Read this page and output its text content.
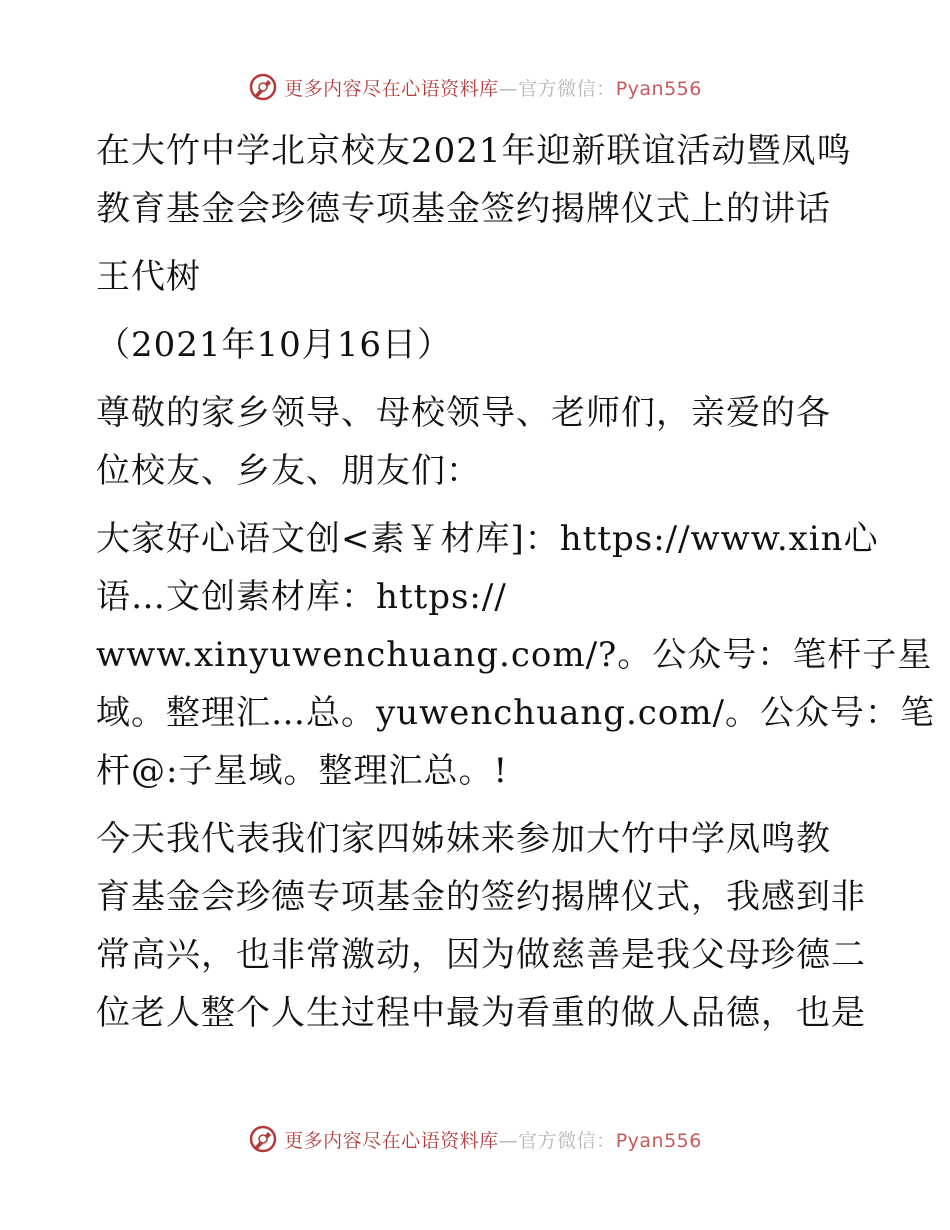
更多内容尽在心语资料库—官方微信：Pyan556
在大竹中学北京校友2021年迎新联谊活动暨凤鸣
教育基金会珍德专项基金签约揭牌仪式上的讲话
王代树
（2021年10月16日）
尊敬的家乡领导、母校领导、老师们，亲爱的各
位校友、乡友、朋友们：
大家好心语文创<素￥材库]：https://www.xin心
语…文创素材库：https://
www.xinyuwenchuang.com/?。公众号：笔杆子星
域。整理汇…总。yuwenchuang.com/。公众号：笔
杆@:子星域。整理汇总。!
今天我代表我们家四姊妹来参加大竹中学凤鸣教
育基金会珍德专项基金的签约揭牌仪式，我感到非
常高兴，也非常激动，因为做慈善是我父母珍德二
位老人整个人生过程中最为看重的做人品德，也是
更多内容尽在心语资料库—官方微信：Pyan556
